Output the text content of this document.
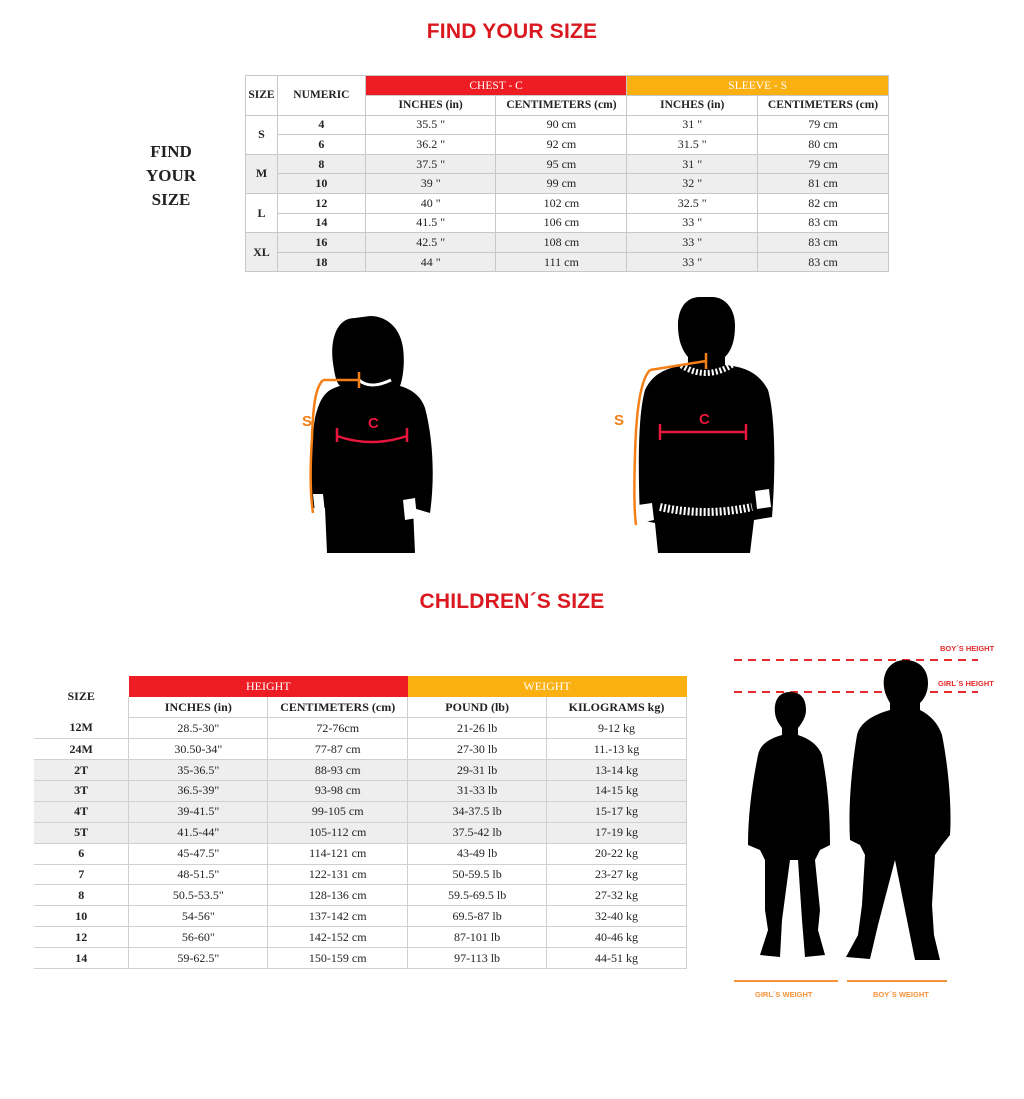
FIND YOUR SIZE
FIND
YOUR
SIZE
SIZE	NUMERIC	CHEST - C		SLEEVE - S	
		INCHES (in)	CENTIMETERS (cm)	INCHES (in)	CENTIMETERS (cm)
S	4	35.5 "	90 cm	31 "	79 cm
	6	36.2 "	92 cm	31.5 "	80 cm
M	8	37.5 "	95 cm	31 "	79 cm
	10	39 "	99 cm	32 "	81 cm
L	12	40 "	102 cm	32.5 "	82 cm
	14	41.5 "	106 cm	33 "	83 cm
XL	16	42.5 "	108 cm	33 "	83 cm
	18	44 "	111 cm	33 "	83 cm
S	C	S	C
CHILDREN´S SIZE
SIZE	HEIGHT		WEIGHT	
	INCHES (in)	CENTIMETERS (cm)	POUND (lb)	KILOGRAMS kg)
12M	28.5-30"	72-76cm	21-26 lb	9-12 kg
24M	30.50-34"	77-87 cm	27-30 lb	11.-13 kg
2T	35-36.5"	88-93 cm	29-31 lb	13-14 kg
3T	36.5-39"	93-98 cm	31-33 lb	14-15 kg
4T	39-41.5"	99-105 cm	34-37.5 lb	15-17 kg
5T	41.5-44"	105-112 cm	37.5-42 lb	17-19 kg
6	45-47.5"	114-121 cm	43-49 lb	20-22 kg
7	48-51.5"	122-131 cm	50-59.5 lb	23-27 kg
8	50.5-53.5"	128-136 cm	59.5-69.5 lb	27-32 kg
10	54-56"	137-142 cm	69.5-87 lb	32-40 kg
12	56-60"	142-152 cm	87-101 lb	40-46 kg
14	59-62.5"	150-159 cm	97-113 lb	44-51 kg
BOY´S HEIGHT
GIRL´S HEIGHT
GIRL´S WEIGHT	BOY´S WEIGHT
